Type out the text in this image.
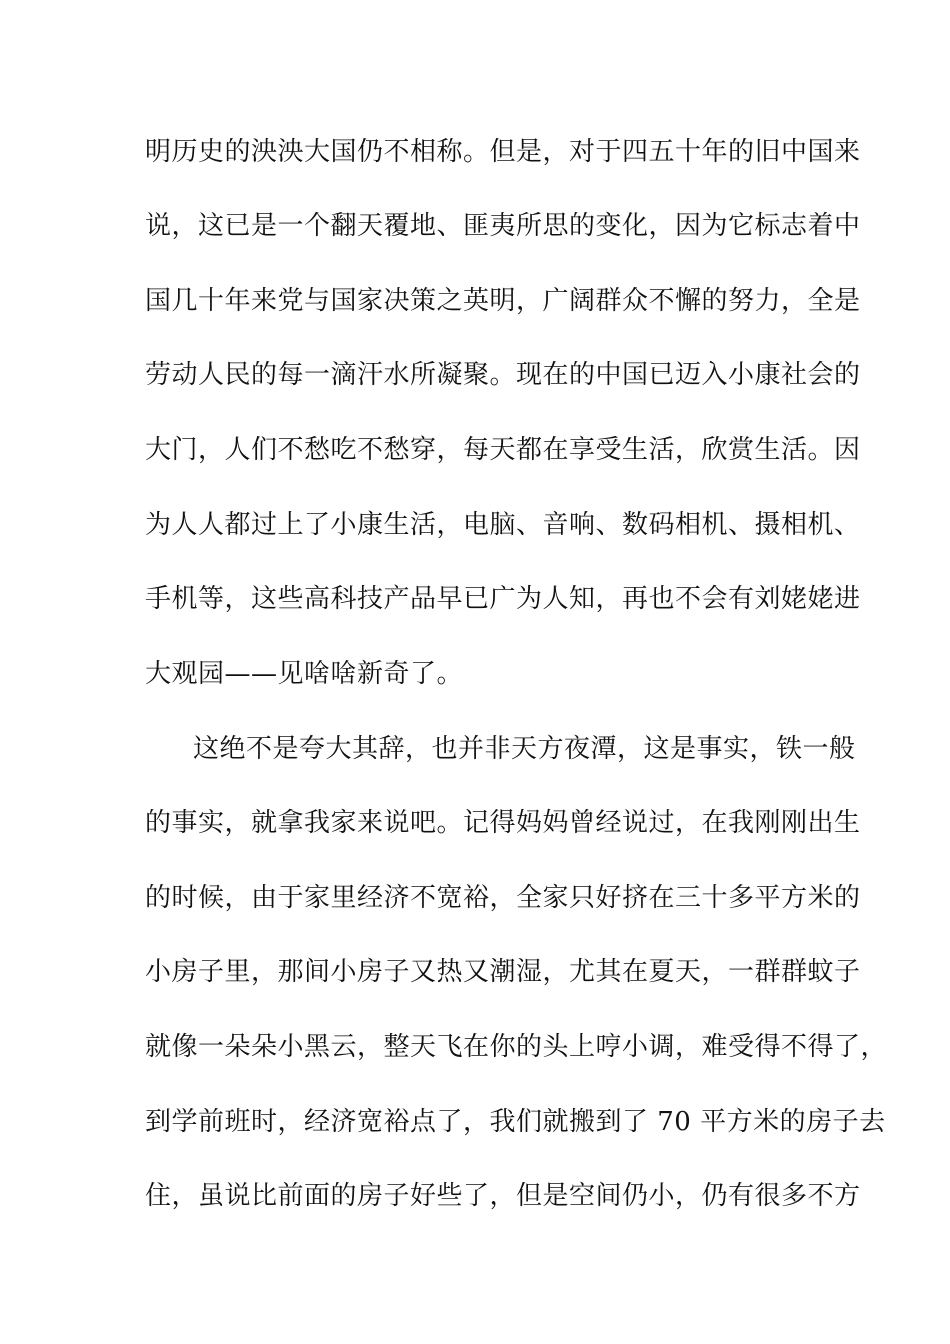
明历史的泱泱大国仍不相称。但是，对于四五十年的旧中国来
说，这已是一个翻天覆地、匪夷所思的变化，因为它标志着中
国几十年来党与国家决策之英明，广阔群众不懈的努力，全是
劳动人民的每一滴汗水所凝聚。现在的中国已迈入小康社会的
大门，人们不愁吃不愁穿，每天都在享受生活，欣赏生活。因
为人人都过上了小康生活，电脑、音响、数码相机、摄相机、
手机等，这些高科技产品早已广为人知，再也不会有刘姥姥进
大观园——见啥啥新奇了。
这绝不是夸大其辞，也并非天方夜潭，这是事实，铁一般
的事实，就拿我家来说吧。记得妈妈曾经说过，在我刚刚出生
的时候，由于家里经济不宽裕，全家只好挤在三十多平方米的
小房子里，那间小房子又热又潮湿，尤其在夏天，一群群蚊子
就像一朵朵小黑云，整天飞在你的头上哼小调，难受得不得了，
到学前班时，经济宽裕点了，我们就搬到了 70 平方米的房子去
住，虽说比前面的房子好些了，但是空间仍小，仍有很多不方
